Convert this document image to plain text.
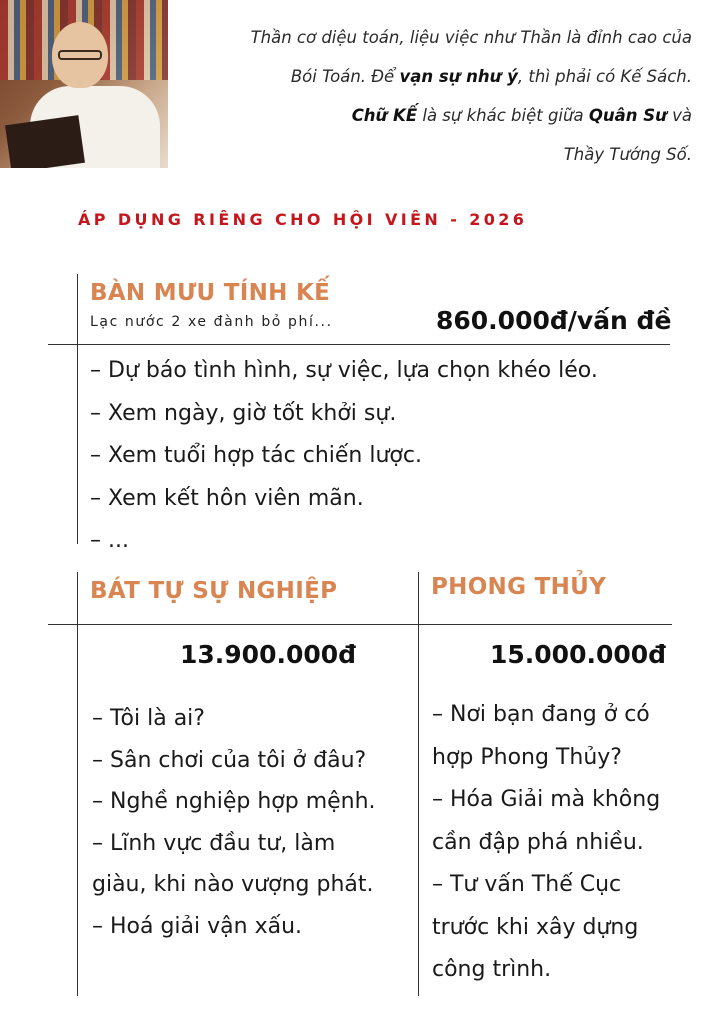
Thần cơ diệu toán, liệu việc như Thần là đỉnh cao của
Bói Toán. Để vạn sự như ý, thì phải có Kế Sách.
Chữ KẾ là sự khác biệt giữa Quân Sư và
Thầy Tướng Số.
ÁP DỤNG RIÊNG CHO HỘI VIÊN - 2026
BÀN MƯU TÍNH KẾ
Lạc nước 2 xe đành bỏ phí...	860.000đ/vấn đề
– Dự báo tình hình, sự việc, lựa chọn khéo léo.
– Xem ngày, giờ tốt khởi sự.
– Xem tuổi hợp tác chiến lược.
– Xem kết hôn viên mãn.
– ...
BÁT TỰ SỰ NGHIỆP
13.900.000đ
– Tôi là ai?
– Sân chơi của tôi ở đâu?
– Nghề nghiệp hợp mệnh.
– Lĩnh vực đầu tư, làm
giàu, khi nào vượng phát.
– Hoá giải vận xấu.
PHONG THỦY
15.000.000đ
– Nơi bạn đang ở có
hợp Phong Thủy?
– Hóa Giải mà không
cần đập phá nhiều.
– Tư vấn Thế Cục
trước khi xây dựng
công trình.
